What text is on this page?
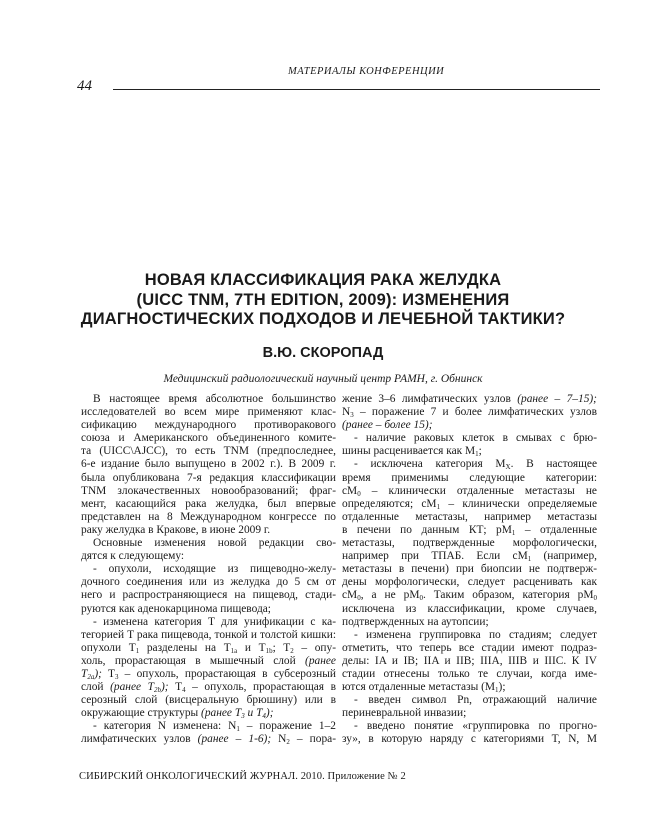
МАТЕРИАЛЫ КОНФЕРЕНЦИИ
44
НОВАЯ КЛАССИФИКАЦИЯ РАКА ЖЕЛУДКА
(UICC TNM, 7TH EDITION, 2009): ИЗМЕНЕНИЯ
ДИАГНОСТИЧЕСКИХ ПОДХОДОВ И ЛЕЧЕБНОЙ ТАКТИКИ?
В.Ю. СКОРОПАД
Медицинский радиологический научный центр РАМН, г. Обнинск
В настоящее время абсолютное большинство
исследователей во всем мире применяют клас-
сификацию международного противоракового
союза и Американского объединенного комите-
та (UICC\AJCC), то есть TNM (предпоследнее,
6-е издание было выпущено в 2002 г.). В 2009 г.
была опубликована 7-я редакция классификации
TNM злокачественных новообразований; фраг-
мент, касающийся рака желудка, был впервые
представлен на 8 Международном конгрессе по
раку желудка в Кракове, в июне 2009 г.
Основные изменения новой редакции сво-
дятся к следующему:
- опухоли, исходящие из пищеводно-желу-
дочного соединения или из желудка до 5 см от
него и распространяющиеся на пищевод, стади-
руются как аденокарцинома пищевода;
- изменена категория T для унификации с ка-
тегорией T рака пищевода, тонкой и толстой кишки:
опухоли $T_1$ разделены на $T_{1a}$ и $T_{1b}$; $T_2 - опу-$
холь, прорастающая в мышечный слой (ранее
$T_{2a}$); $T_3$ – опухоль, прорастающая в субсерозный
слой (ранее $T_{2b}$); $T_4$ – опухоль, прорастающая в
серозный слой (висцеральную брюшину) или в
окружающие структуры (ранее $T_3$ и $T_4$);
- категория N изменена: $N_1$ – поражение 1–2
лимфатических узлов (ранее – 1-6); $N_2$ – пора-
жение 3–6 лимфатических узлов (ранее – 7–15);
$N_3$ – поражение 7 и более лимфатических узлов
(ранее – более 15);
- наличие раковых клеток в смывах с брю-
шины расценивается как $M_1$;
- исключена категория $M_X$. В настоящее
время применимы следующие категории:
$cM_0$ – клинически отдаленные метастазы не
определяются; $cM_1$ – клинически определяемые
отдаленные метастазы, например метастазы
в печени по данным КТ; $pM_1$ – отдаленные
метастазы, подтвержденные морфологически,
например при ТПАБ. Если $cM_1$ (например,
метастазы в печени) при биопсии не подтверж-
дены морфологически, следует расценивать как
$cM_0$, а не $pM_0$. Таким образом, категория $pM_0$
исключена из классификации, кроме случаев,
подтвержденных на аутопсии;
- изменена группировка по стадиям; следует
отметить, что теперь все стадии имеют подраз-
делы: IA и IB; IIA и IIB; IIIA, IIIB и IIIC. К IV
стадии отнесены только те случаи, когда име-
ются отдаленные метастазы $(M_1)$;
- введен символ Pn, отражающий наличие
периневральной инвазии;
- введено понятие «группировка по прогно-
зу», в которую наряду с категориями T, N, M
СИБИРСКИЙ ОНКОЛОГИЧЕСКИЙ ЖУРНАЛ. 2010. Приложение № 2
